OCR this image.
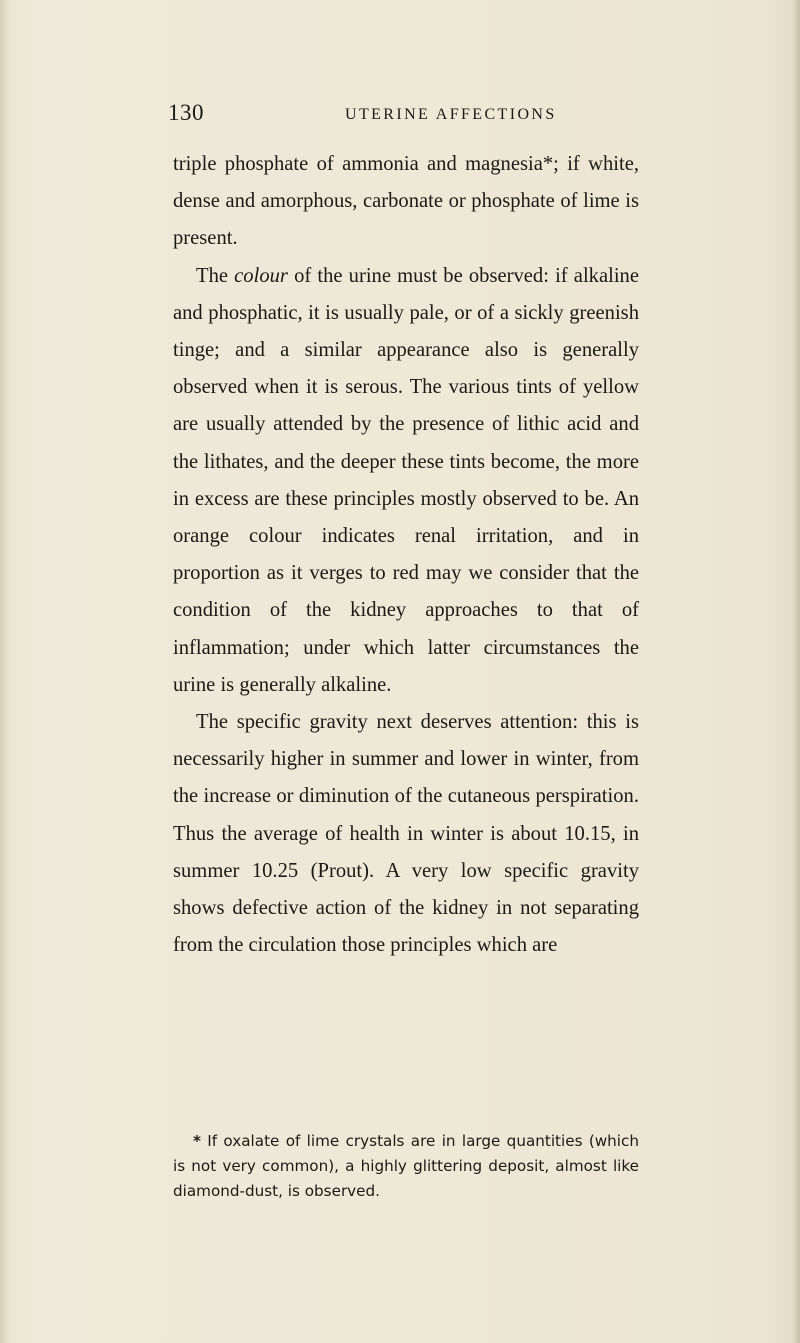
130	UTERINE AFFECTIONS

triple phosphate of ammonia and magnesia*; if white, dense and amorphous, carbonate or phosphate of lime is present.

The colour of the urine must be observed: if alkaline and phosphatic, it is usually pale, or of a sickly greenish tinge; and a similar appearance also is generally observed when it is serous. The various tints of yellow are usually attended by the presence of lithic acid and the lithates, and the deeper these tints become, the more in excess are these principles mostly observed to be. An orange colour indicates renal irritation, and in proportion as it verges to red may we consider that the condition of the kidney approaches to that of inflammation; under which latter circumstances the urine is generally alkaline.

The specific gravity next deserves attention: this is necessarily higher in summer and lower in winter, from the increase or diminution of the cutaneous perspiration. Thus the average of health in winter is about 10.15, in summer 10.25 (Prout). A very low specific gravity shows defective action of the kidney in not separating from the circulation those principles which are

* If oxalate of lime crystals are in large quantities (which is not very common), a highly glittering deposit, almost like diamond-dust, is observed.
